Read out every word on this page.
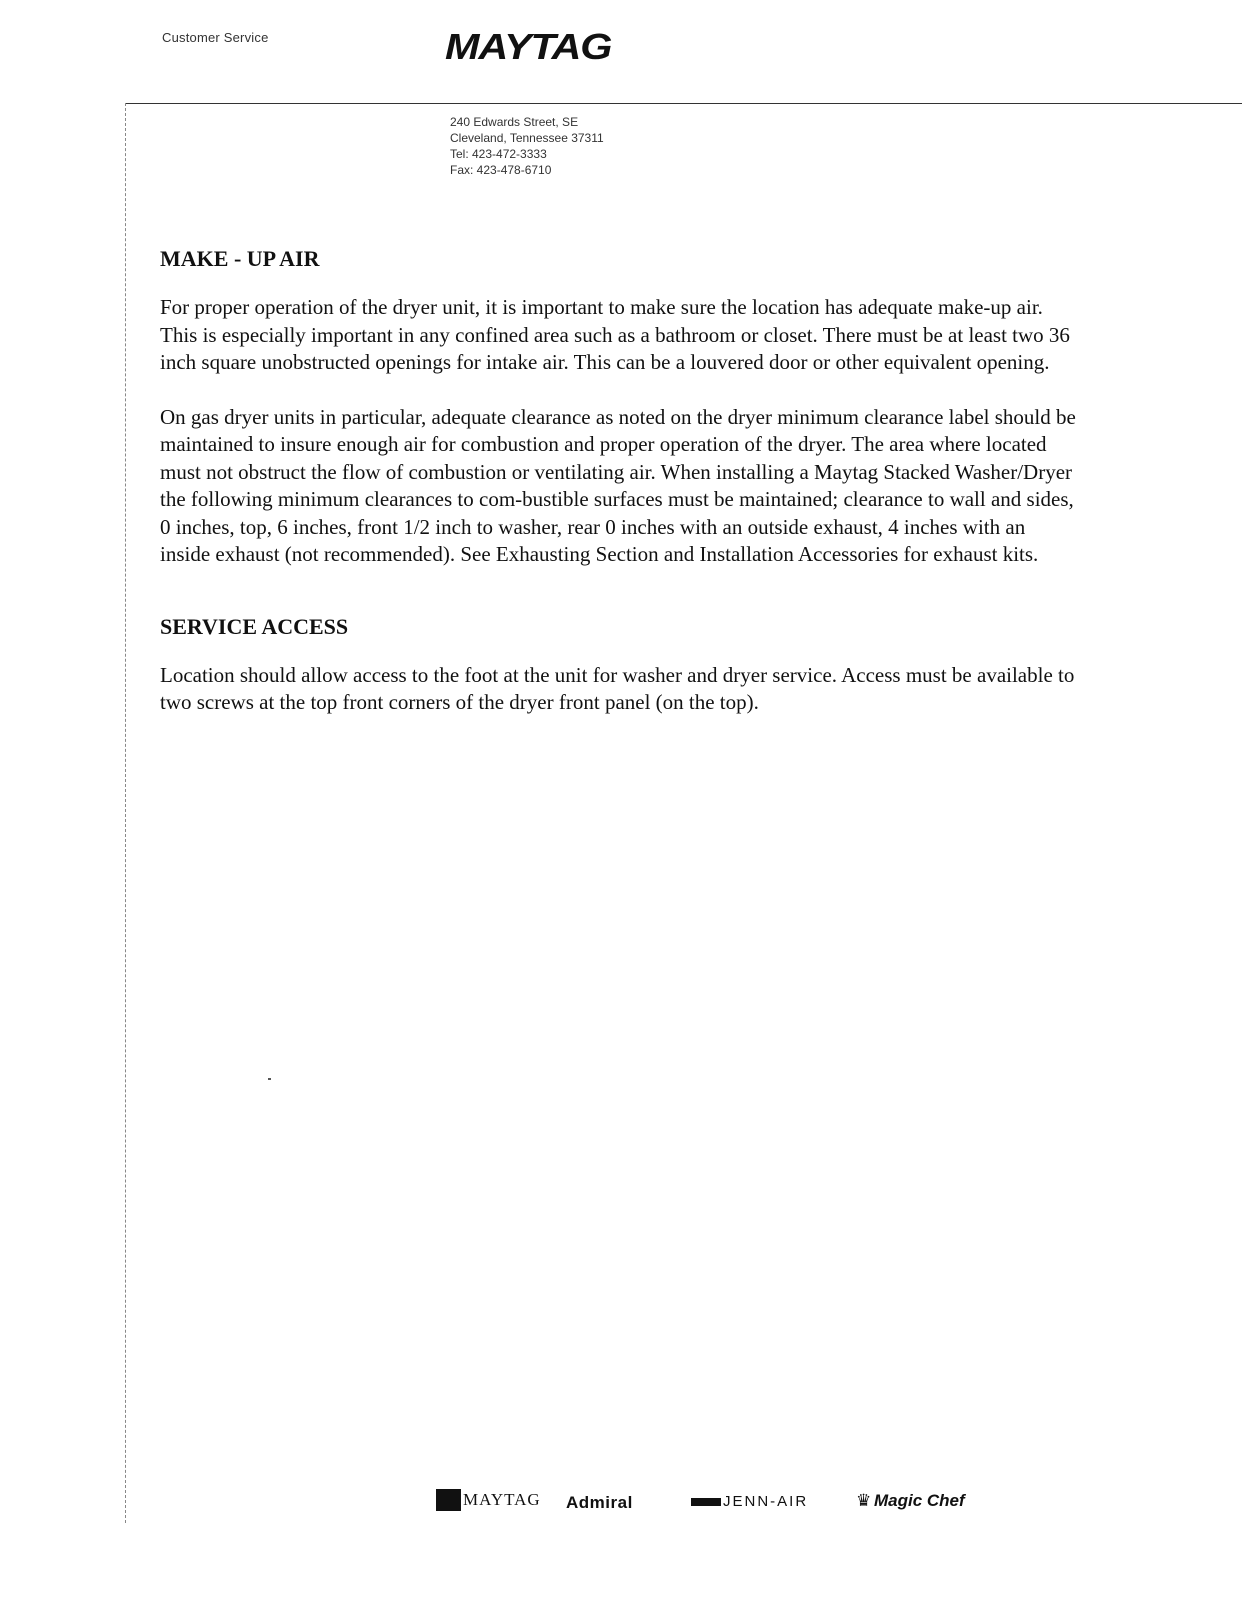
Customer Service	MAYTAG
240 Edwards Street, SE
Cleveland, Tennessee 37311
Tel: 423-472-3333
Fax: 423-478-6710
MAKE - UP AIR

For proper operation of the dryer unit, it is important to make sure the location has adequate make-up air. This is especially important in any confined area such as a bathroom or closet. There must be at least two 36 inch square unobstructed openings for intake air. This can be a louvered door or other equivalent opening.

On gas dryer units in particular, adequate clearance as noted on the dryer minimum clearance label should be maintained to insure enough air for combustion and proper operation of the dryer. The area where located must not obstruct the flow of combustion or ventilating air. When installing a Maytag Stacked Washer/Dryer the following minimum clearances to com-bustible surfaces must be maintained; clearance to wall and sides, 0 inches, top, 6 inches, front 1/2 inch to washer, rear 0 inches with an outside exhaust, 4 inches with an inside exhaust (not recommended). See Exhausting Section and Installation Accessories for exhaust kits.

SERVICE ACCESS

Location should allow access to the foot at the unit for washer and dryer service. Access must be available to two screws at the top front corners of the dryer front panel (on the top).

MAYTAG Admiral	JENN-AIR	♛ Magic Chef
